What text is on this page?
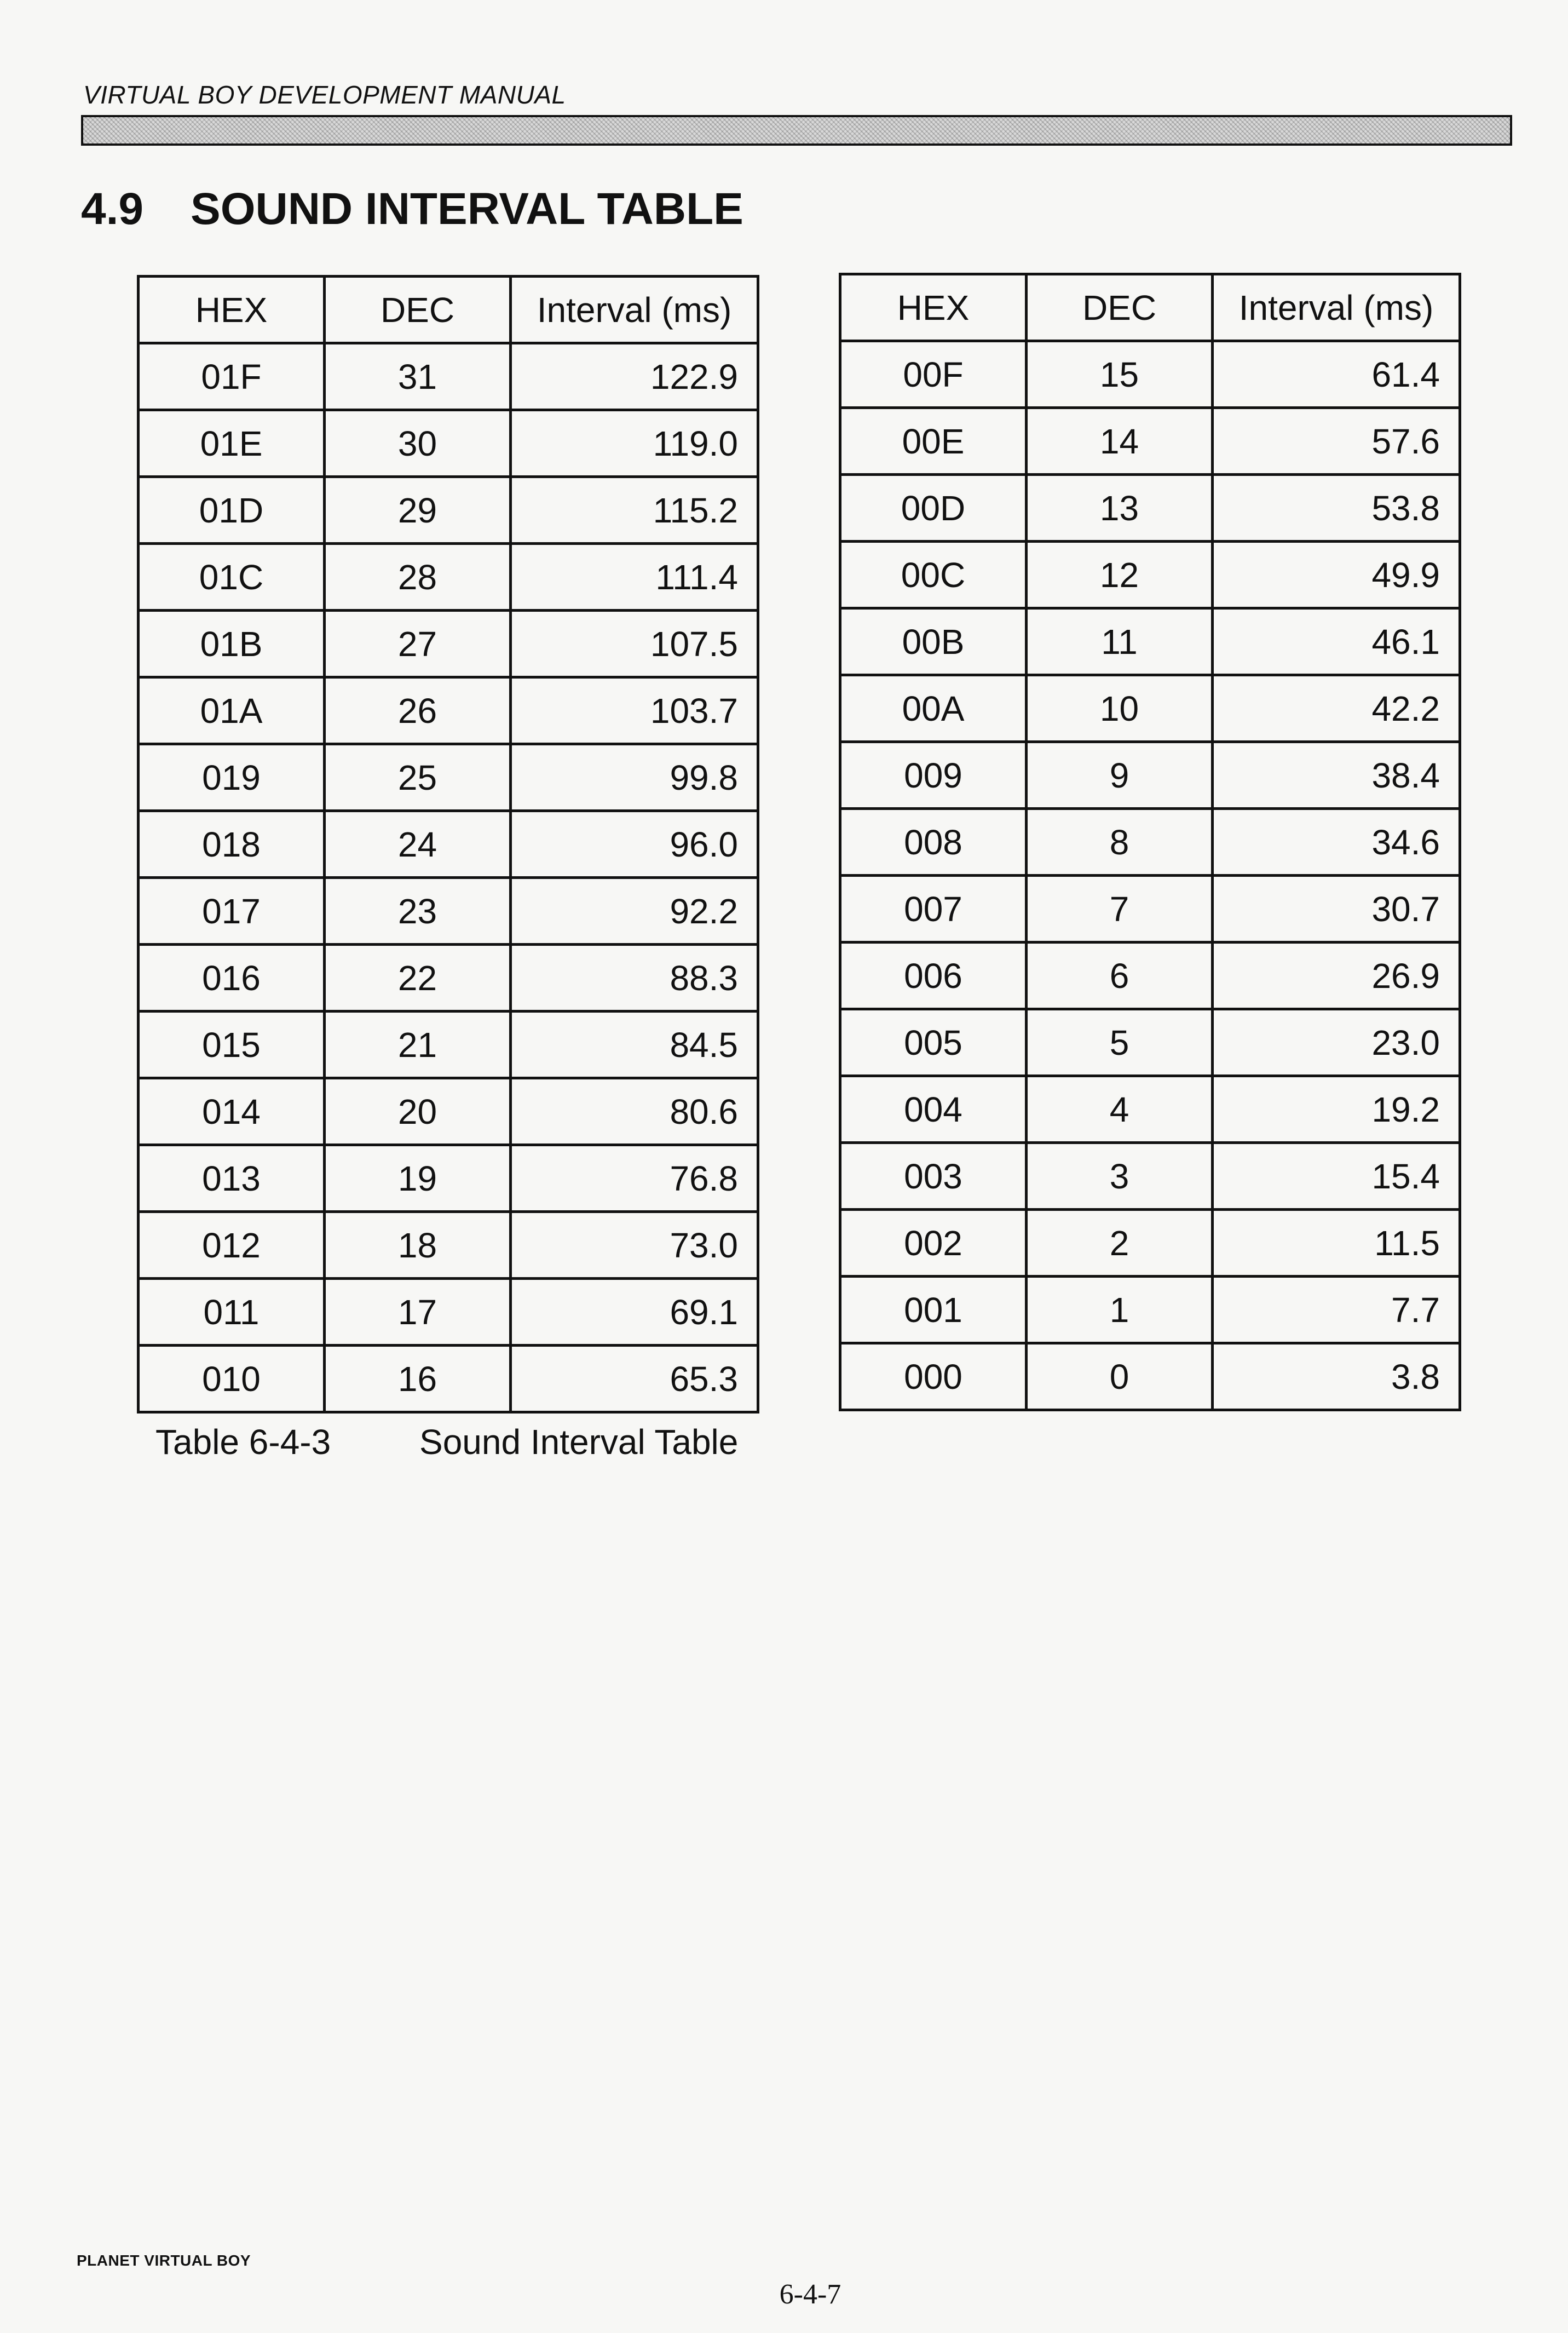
VIRTUAL BOY DEVELOPMENT MANUAL
4.9 SOUND INTERVAL TABLE
HEX	DEC	Interval (ms)
01F	31	122.9
01E	30	119.0
01D	29	115.2
01C	28	111.4
01B	27	107.5
01A	26	103.7
019	25	99.8
018	24	96.0
017	23	92.2
016	22	88.3
015	21	84.5
014	20	80.6
013	19	76.8
012	18	73.0
011	17	69.1
010	16	65.3
HEX	DEC	Interval (ms)
00F	15	61.4
00E	14	57.6
00D	13	53.8
00C	12	49.9
00B	11	46.1
00A	10	42.2
009	9	38.4
008	8	34.6
007	7	30.7
006	6	26.9
005	5	23.0
004	4	19.2
003	3	15.4
002	2	11.5
001	1	7.7
000	0	3.8
Table 6-4-3	Sound Interval Table
PLANET VIRTUAL BOY
6-4-7
